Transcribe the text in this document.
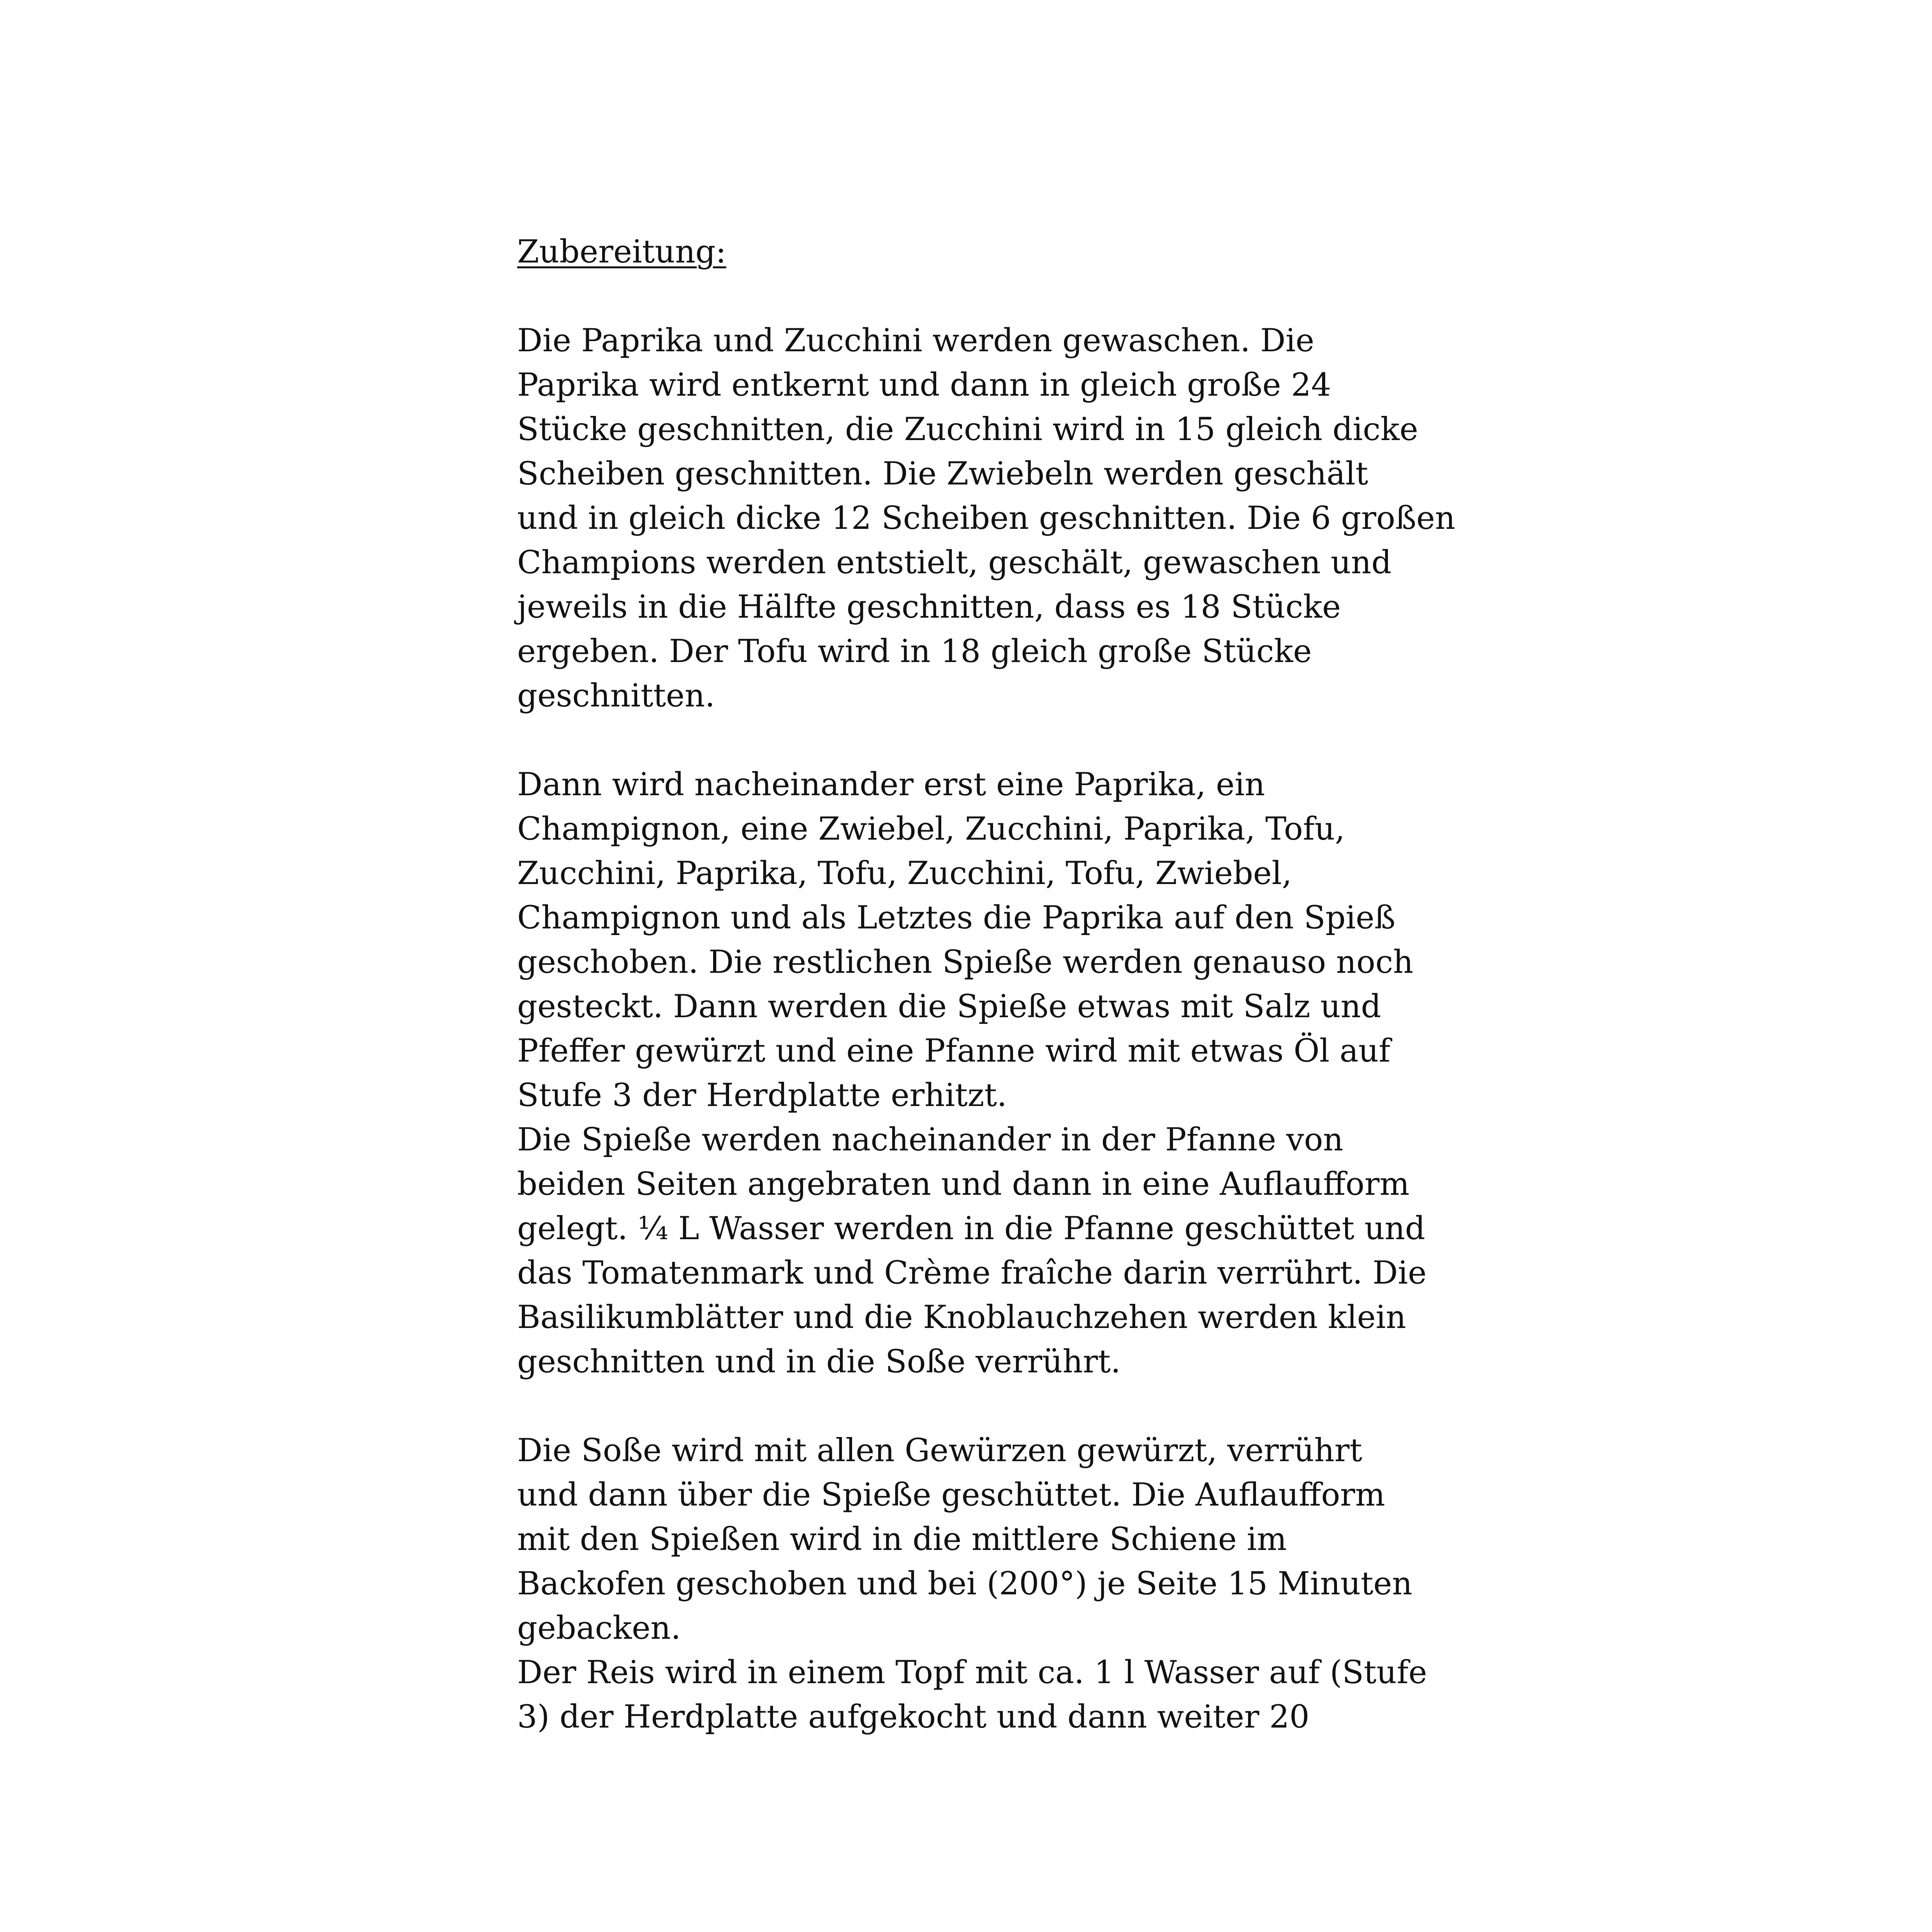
Zubereitung:
Die Paprika und Zucchini werden gewaschen. Die
Paprika wird entkernt und dann in gleich große 24
Stücke geschnitten, die Zucchini wird in 15 gleich dicke
Scheiben geschnitten. Die Zwiebeln werden geschält
und in gleich dicke 12 Scheiben geschnitten. Die 6 großen
Champions werden entstielt, geschält, gewaschen und
jeweils in die Hälfte geschnitten, dass es 18 Stücke
ergeben. Der Tofu wird in 18 gleich große Stücke
geschnitten.
Dann wird nacheinander erst eine Paprika, ein
Champignon, eine Zwiebel, Zucchini, Paprika, Tofu,
Zucchini, Paprika, Tofu, Zucchini, Tofu, Zwiebel,
Champignon und als Letztes die Paprika auf den Spieß
geschoben. Die restlichen Spieße werden genauso noch
gesteckt. Dann werden die Spieße etwas mit Salz und
Pfeffer gewürzt und eine Pfanne wird mit etwas Öl auf
Stufe 3 der Herdplatte erhitzt.
Die Spieße werden nacheinander in der Pfanne von
beiden Seiten angebraten und dann in eine Auflaufform
gelegt. ¼ L Wasser werden in die Pfanne geschüttet und
das Tomatenmark und Crème fraîche darin verrührt. Die
Basilikumblätter und die Knoblauchzehen werden klein
geschnitten und in die Soße verrührt.
Die Soße wird mit allen Gewürzen gewürzt, verrührt
und dann über die Spieße geschüttet. Die Auflaufform
mit den Spießen wird in die mittlere Schiene im
Backofen geschoben und bei (200°) je Seite 15 Minuten
gebacken.
Der Reis wird in einem Topf mit ca. 1 l Wasser auf (Stufe
3) der Herdplatte aufgekocht und dann weiter 20
